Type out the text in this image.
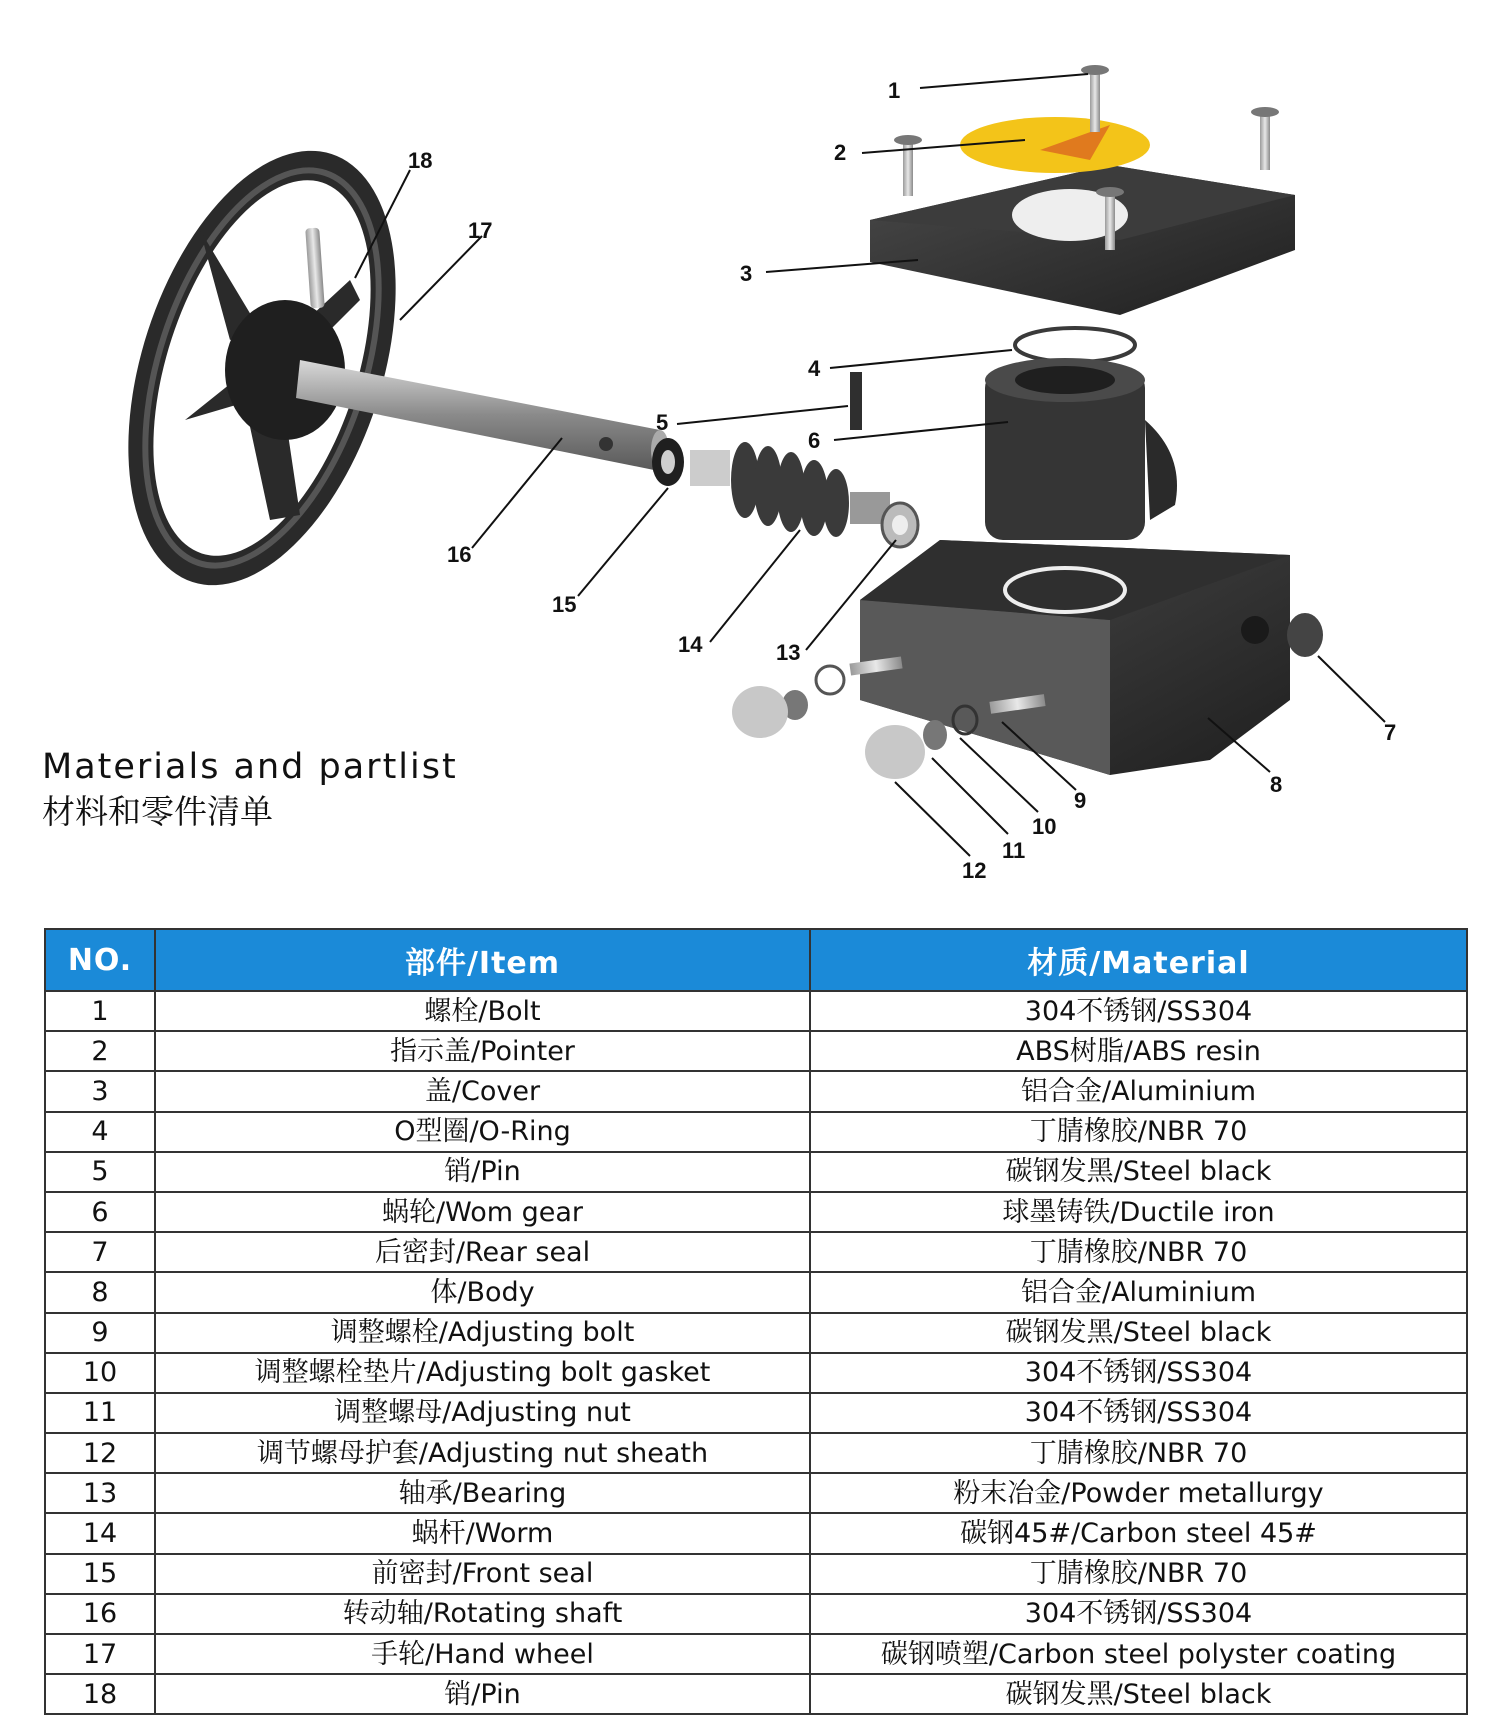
1
2
3
4
5
6
7
8
9
10
11
12
13
14
15
16
17
18
Materials and partlist
材料和零件清单
NO.	部件/Item	材质/Material
1	螺栓/Bolt	304不锈钢/SS304
2	指示盖/Pointer	ABS树脂/ABS resin
3	盖/Cover	铝合金/Aluminium
4	O型圈/O-Ring	丁腈橡胶/NBR 70
5	销/Pin	碳钢发黑/Steel black
6	蜗轮/Wom gear	球墨铸铁/Ductile iron
7	后密封/Rear seal	丁腈橡胶/NBR 70
8	体/Body	铝合金/Aluminium
9	调整螺栓/Adjusting bolt	碳钢发黑/Steel black
10	调整螺栓垫片/Adjusting bolt gasket	304不锈钢/SS304
11	调整螺母/Adjusting nut	304不锈钢/SS304
12	调节螺母护套/Adjusting nut sheath	丁腈橡胶/NBR 70
13	轴承/Bearing	粉末冶金/Powder metallurgy
14	蜗杆/Worm	碳钢45#/Carbon steel 45#
15	前密封/Front seal	丁腈橡胶/NBR 70
16	转动轴/Rotating shaft	304不锈钢/SS304
17	手轮/Hand wheel	碳钢喷塑/Carbon steel polyster coating
18	销/Pin	碳钢发黑/Steel black
